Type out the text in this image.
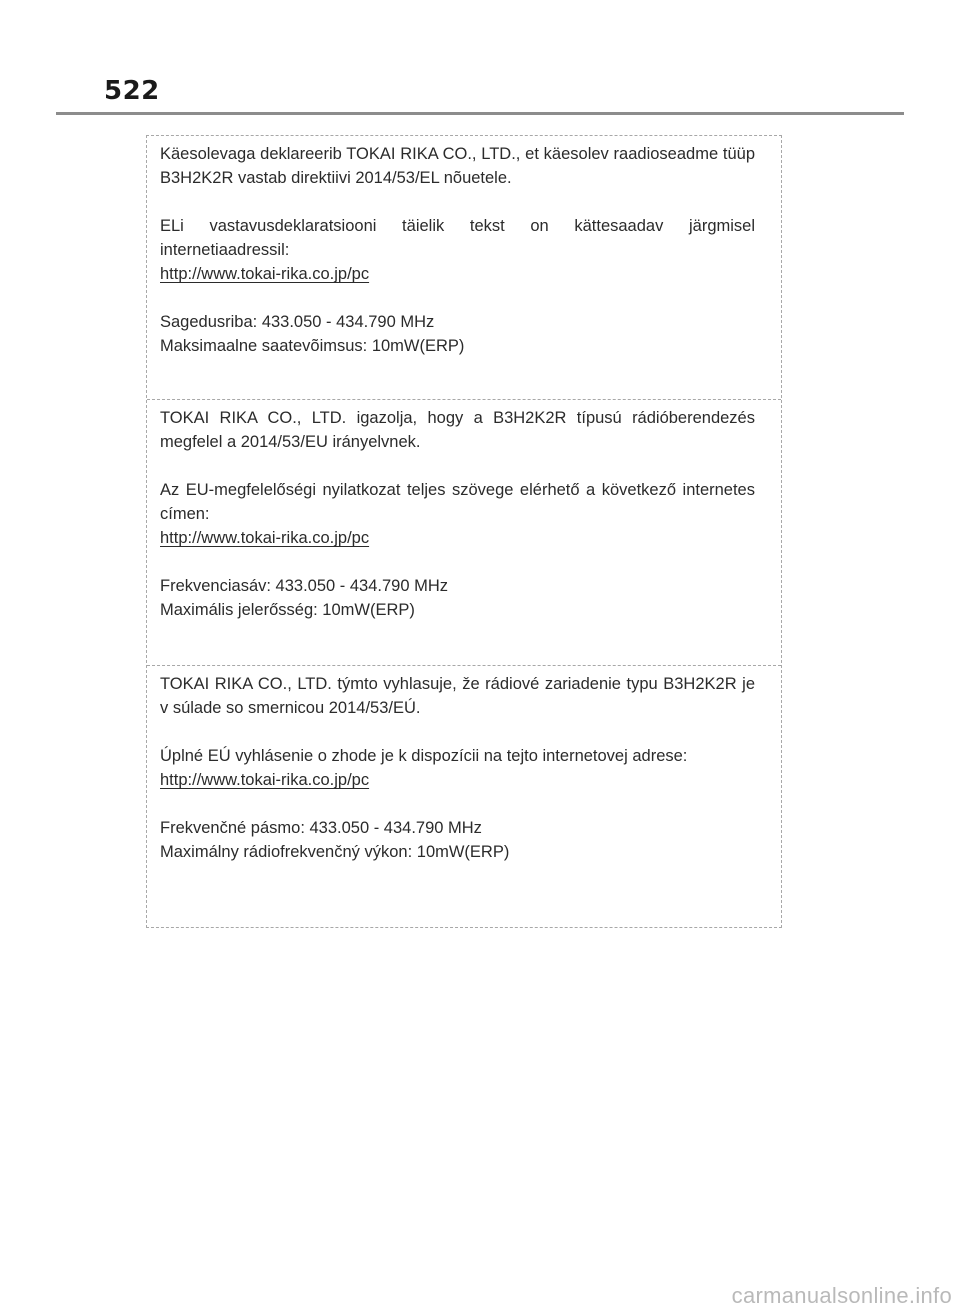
522

Käesolevaga deklareerib TOKAI RIKA CO., LTD., et käesolev raadioseadme tüüp B3H2K2R vastab direktiivi 2014/53/EL nõuetele.

ELi vastavusdeklaratsiooni täielik tekst on kättesaadav järgmisel internetiaadressil:

http://www.tokai-rika.co.jp/pc

Sagedusriba: 433.050 - 434.790 MHz

Maksimaalne saatevõimsus: 10mW(ERP)

TOKAI RIKA CO., LTD. igazolja, hogy a B3H2K2R típusú rádióberendezés megfelel a 2014/53/EU irányelvnek.

Az EU-megfelelőségi nyilatkozat teljes szövege elérhető a következő internetes címen:

http://www.tokai-rika.co.jp/pc

Frekvenciasáv: 433.050 - 434.790 MHz

Maximális jelerősség: 10mW(ERP)

TOKAI RIKA CO., LTD. týmto vyhlasuje, že rádiové zariadenie typu B3H2K2R je v súlade so smernicou 2014/53/EÚ.

Úplné EÚ vyhlásenie o zhode je k dispozícii na tejto internetovej adrese:

http://www.tokai-rika.co.jp/pc

Frekvenčné pásmo: 433.050 - 434.790 MHz

Maximálny rádiofrekvenčný výkon: 10mW(ERP)

carmanualsonline.info
